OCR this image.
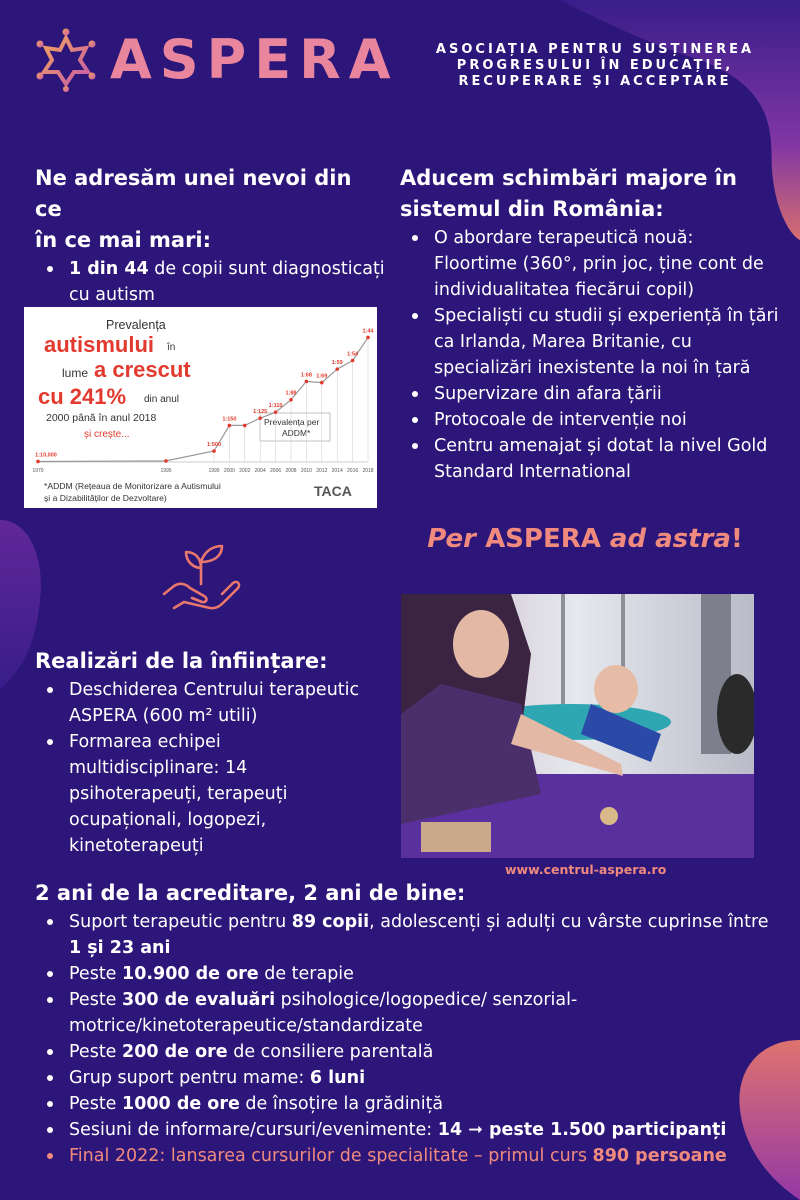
ASPERA	ASOCIAȚIA PENTRU SUSȚINEREA
PROGRESULUI ÎN EDUCAȚIE,
RECUPERARE ȘI ACCEPTARE
Ne adresăm unei nevoi din ce
în ce mai mari:
1 din 44 de copii sunt diagnosticați cu autism
Prevalența
autismului în
lume a crescut
cu 241% din anul
2000 până în anul 2018
și crește...
Prevalența per
ADDM*
1970
1:10,000
1995	1999
1:500
2000
1:150
2002 2004
1:125
2006
1:110
2008
1:88
2010
1:68
2012
1:69
2014
1:59
2016
1:54
2018
1:44
*ADDM (Rețeaua de Monitorizare a Autismului
și a Dizabilităților de Dezvoltare)	TACA
Aducem schimbări majore în
sistemul din România:
O abordare terapeutică nouă: Floortime (360°, prin joc, ține cont de individualitatea fiecărui copil)
Specialiști cu studii și experiență în țări ca Irlanda, Marea Britanie, cu specializări inexistente la noi în țară
Supervizare din afara țării
Protocoale de intervenție noi
Centru amenajat și dotat la nivel Gold Standard International
Per ASPERA ad astra!
www.centrul-aspera.ro
Realizări de la înființare:
Deschiderea Centrului terapeutic ASPERA (600 m² utili)
Formarea echipei multidisciplinare: 14 psihoterapeuți, terapeuți ocupaționali, logopezi, kinetoterapeuți
2 ani de la acreditare, 2 ani de bine:
Suport terapeutic pentru 89 copii, adolescenți și adulți cu vârste cuprinse între 1 și 23 ani
Peste 10.900 de ore de terapie
Peste 300 de evaluări psihologice/logopedice/ senzorial-motrice/kinetoterapeutice/standardizate
Peste 200 de ore de consiliere parentală
Grup suport pentru mame: 6 luni
Peste 1000 de ore de însoțire la grădiniță
Sesiuni de informare/cursuri/evenimente: 14 ➞ peste 1.500 participanți
Final 2022: lansarea cursurilor de specialitate – primul curs 890 persoane
